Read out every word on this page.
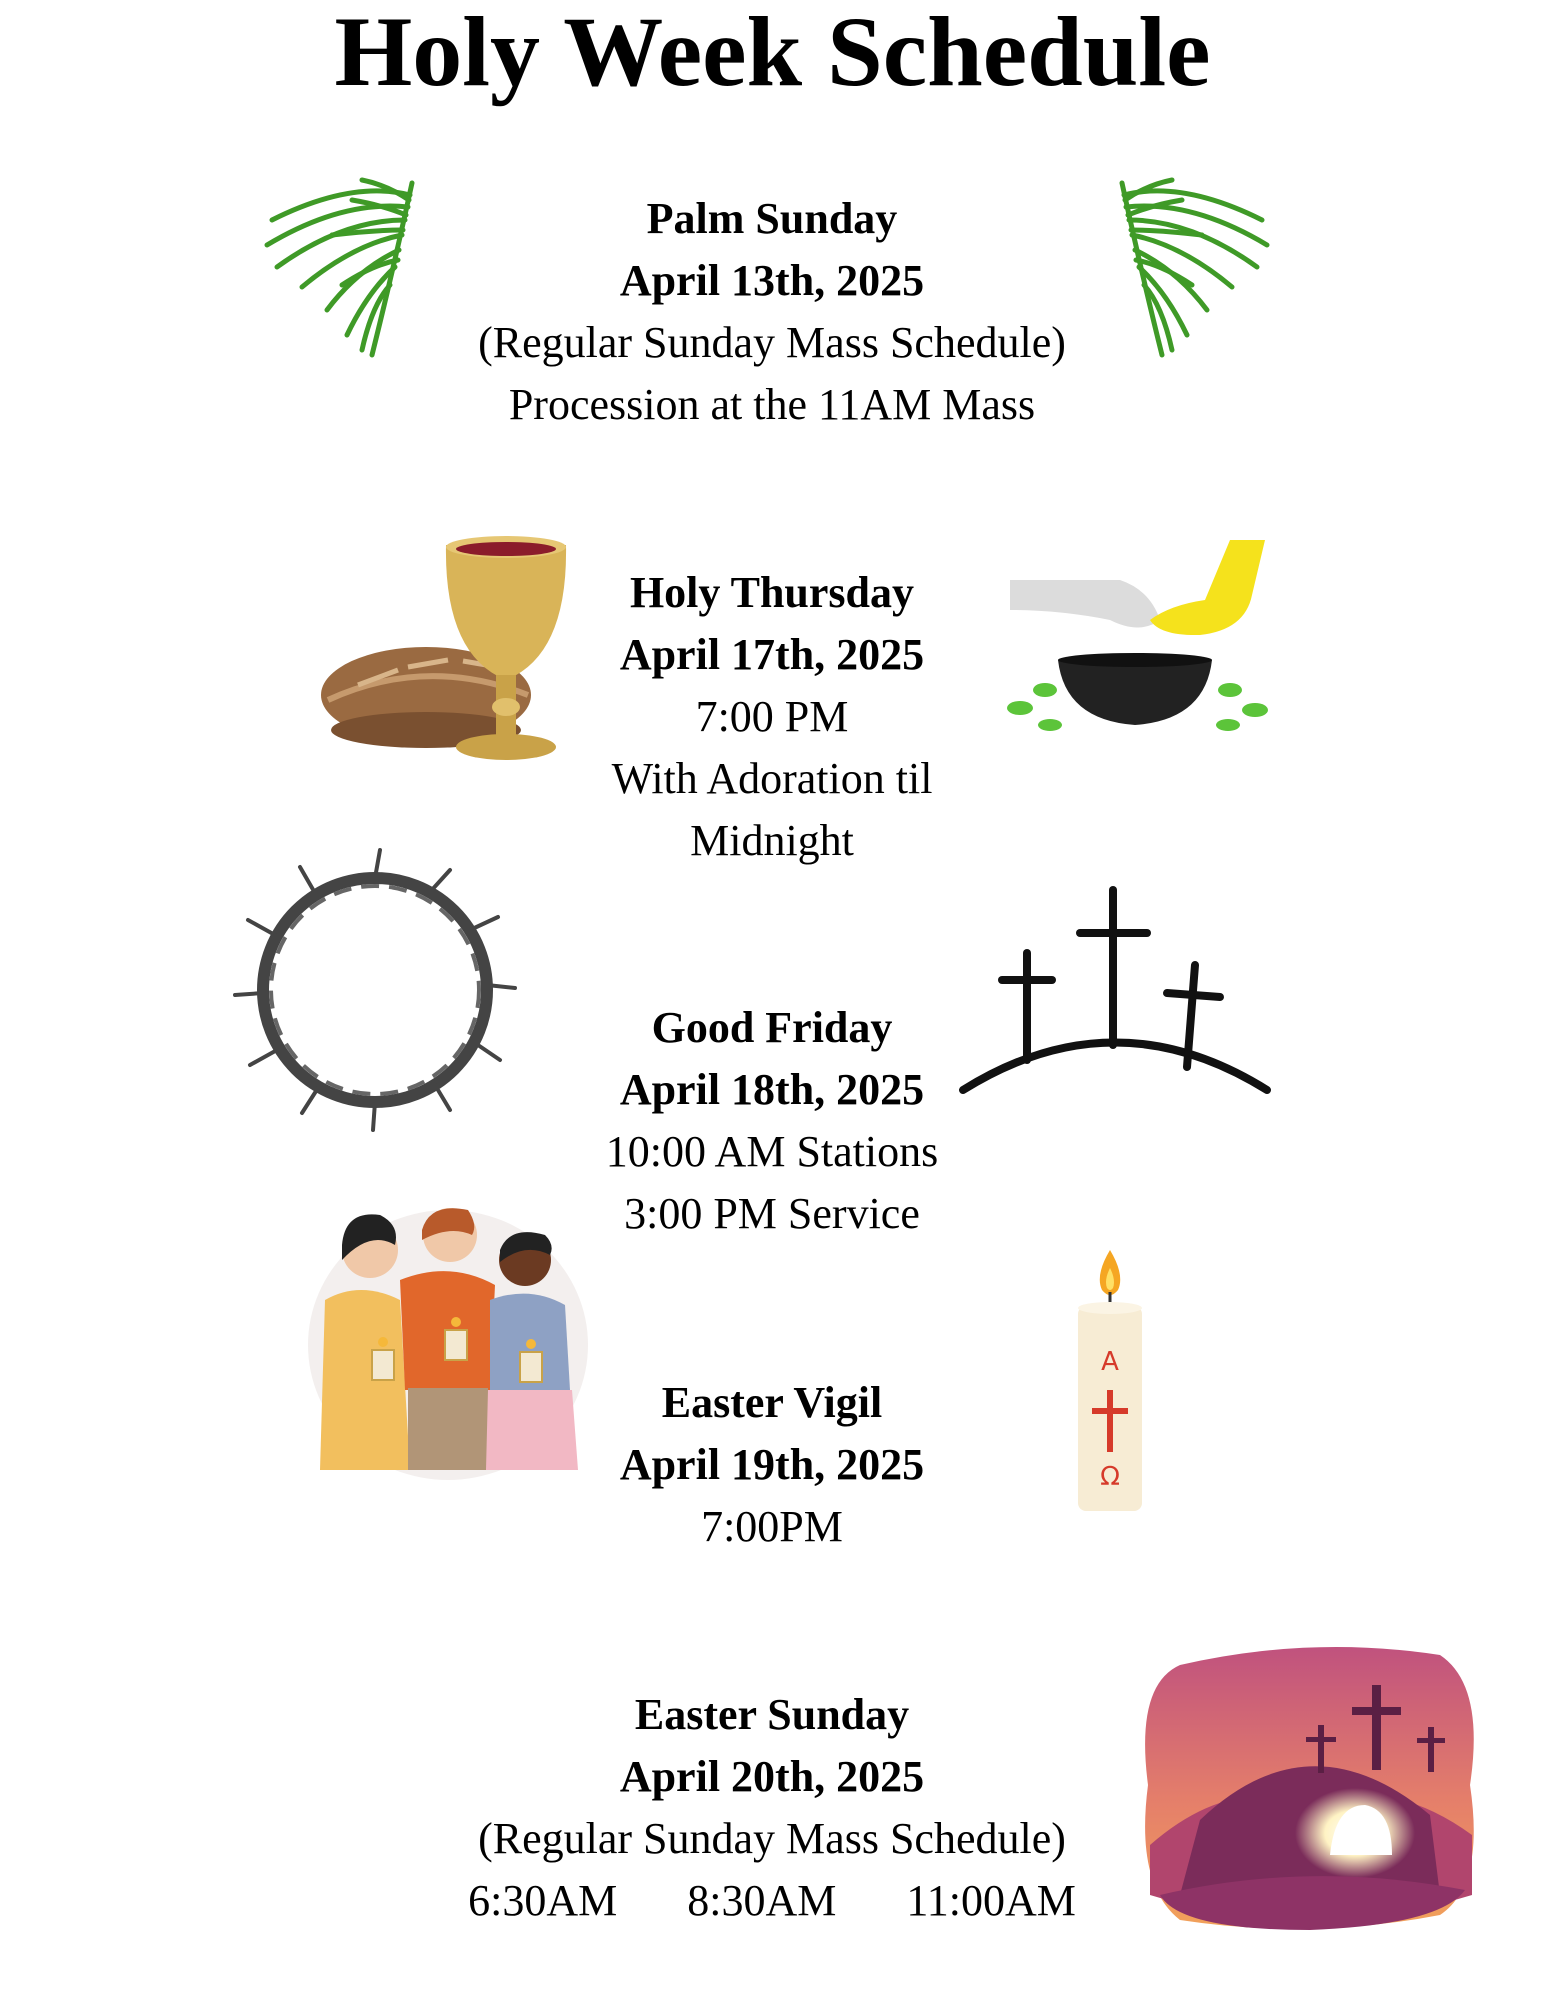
Holy Week Schedule
Palm Sunday
April 13th, 2025
(Regular Sunday Mass Schedule)
Procession at the 11AM Mass
Holy Thursday
April 17th, 2025
7:00 PM
With Adoration til
Midnight
Good Friday
April 18th, 2025
10:00 AM Stations
3:00 PM Service
Easter Vigil
April 19th, 2025
7:00PM
Easter Sunday
April 20th, 2025
(Regular Sunday Mass Schedule)
6:30AM 8:30AM 11:00AM
A
Ω
